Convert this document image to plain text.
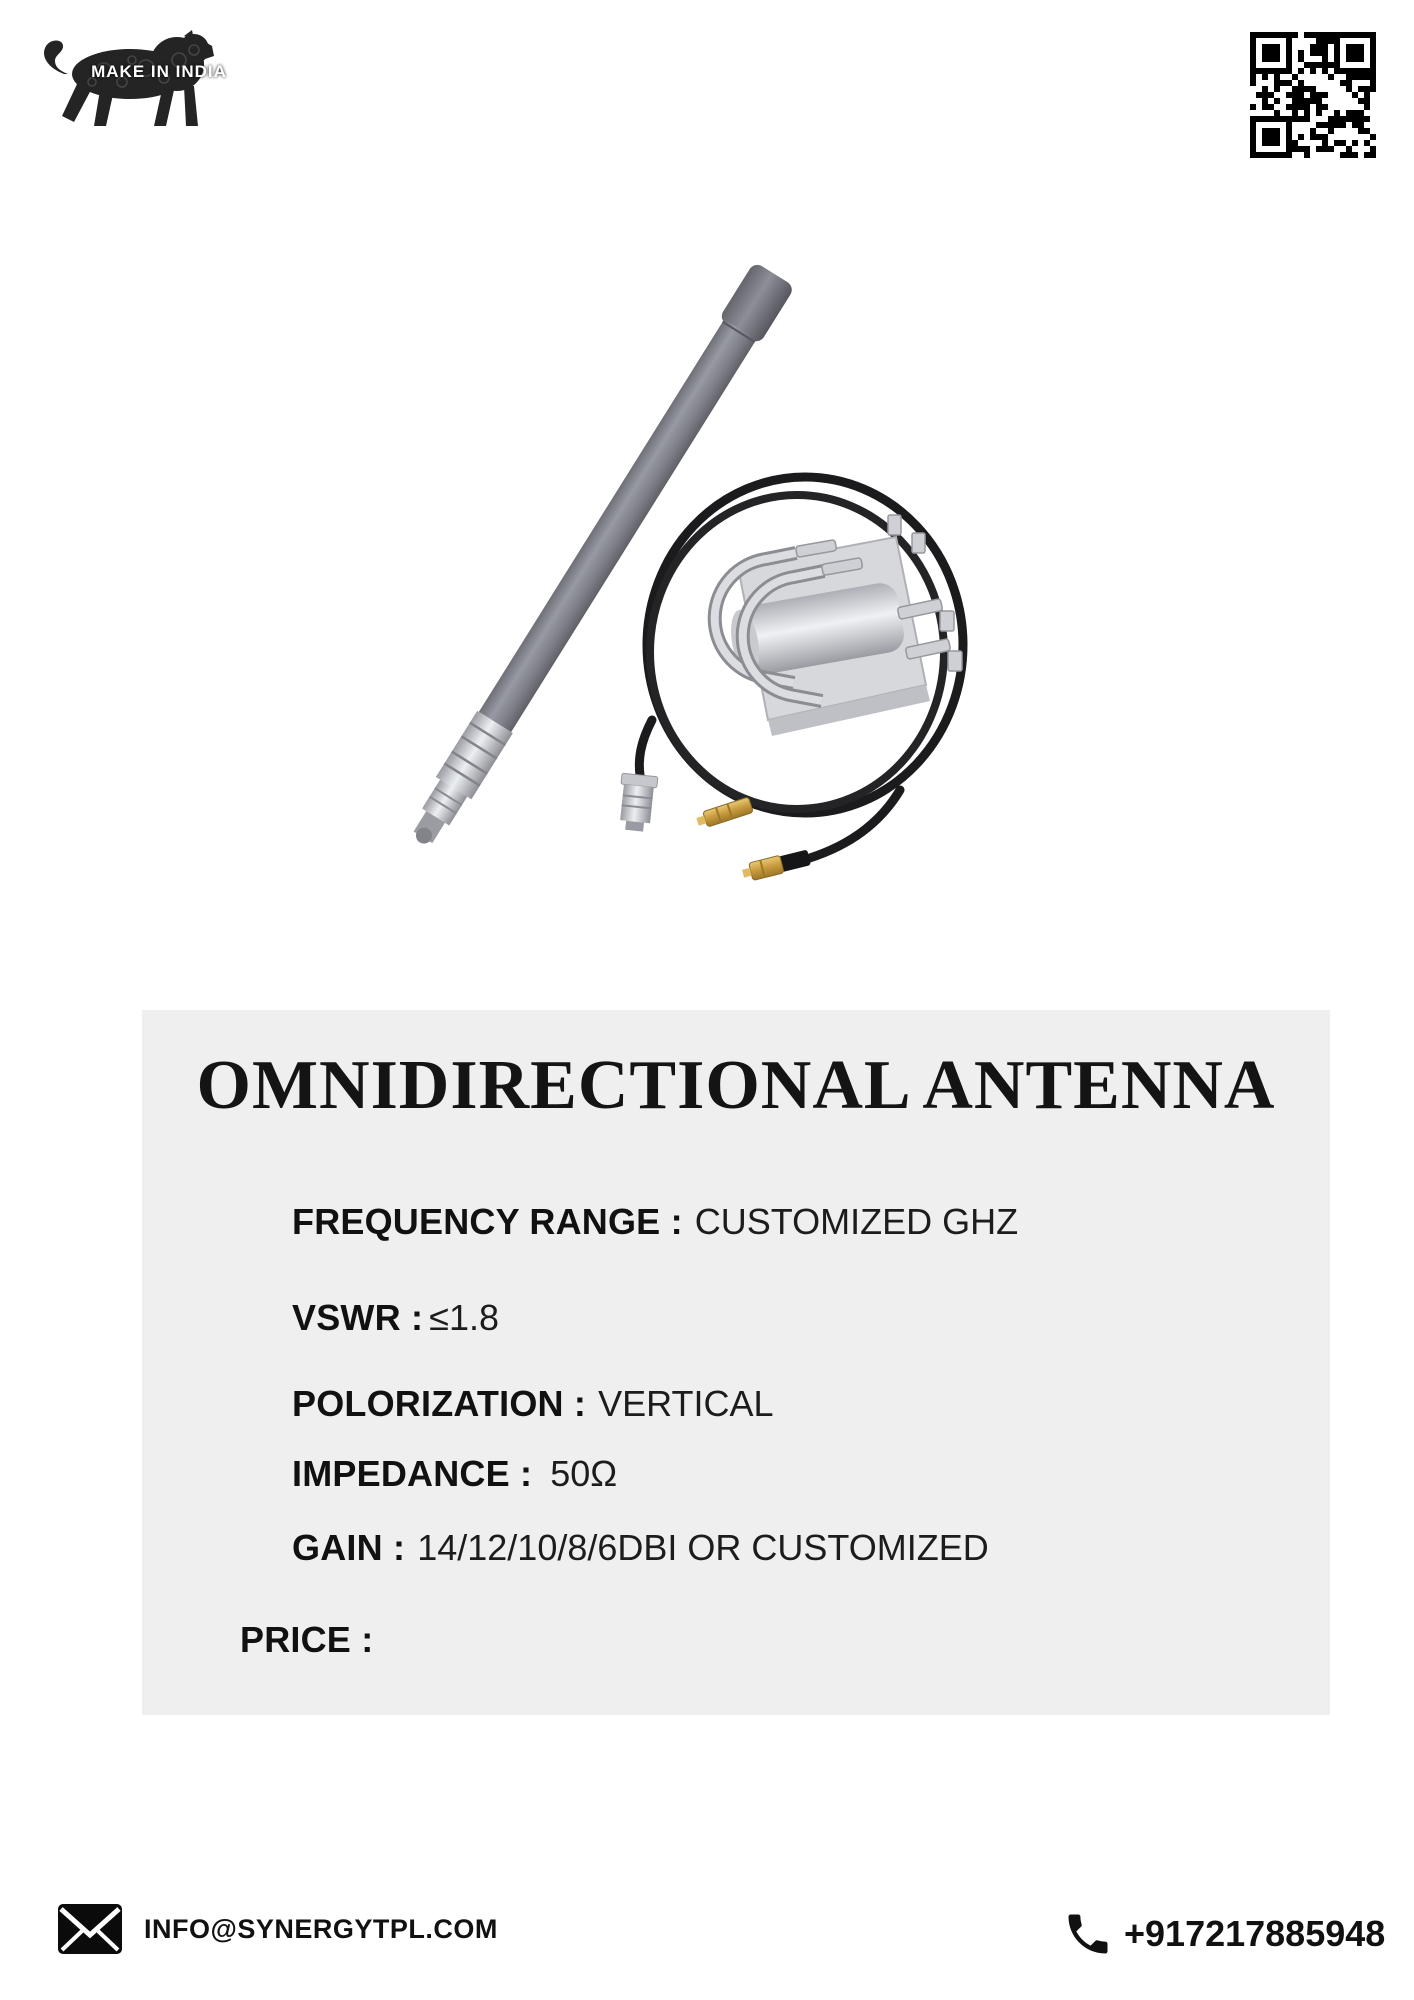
MAKE IN INDIA
OMNIDIRECTIONAL ANTENNA
FREQUENCY RANGE : CUSTOMIZED GHZ
VSWR : ≤1.8
POLORIZATION : VERTICAL
IMPEDANCE : 50Ω
GAIN : 14/12/10/8/6DBI OR CUSTOMIZED
PRICE :
INFO@SYNERGYTPL.COM	+917217885948
